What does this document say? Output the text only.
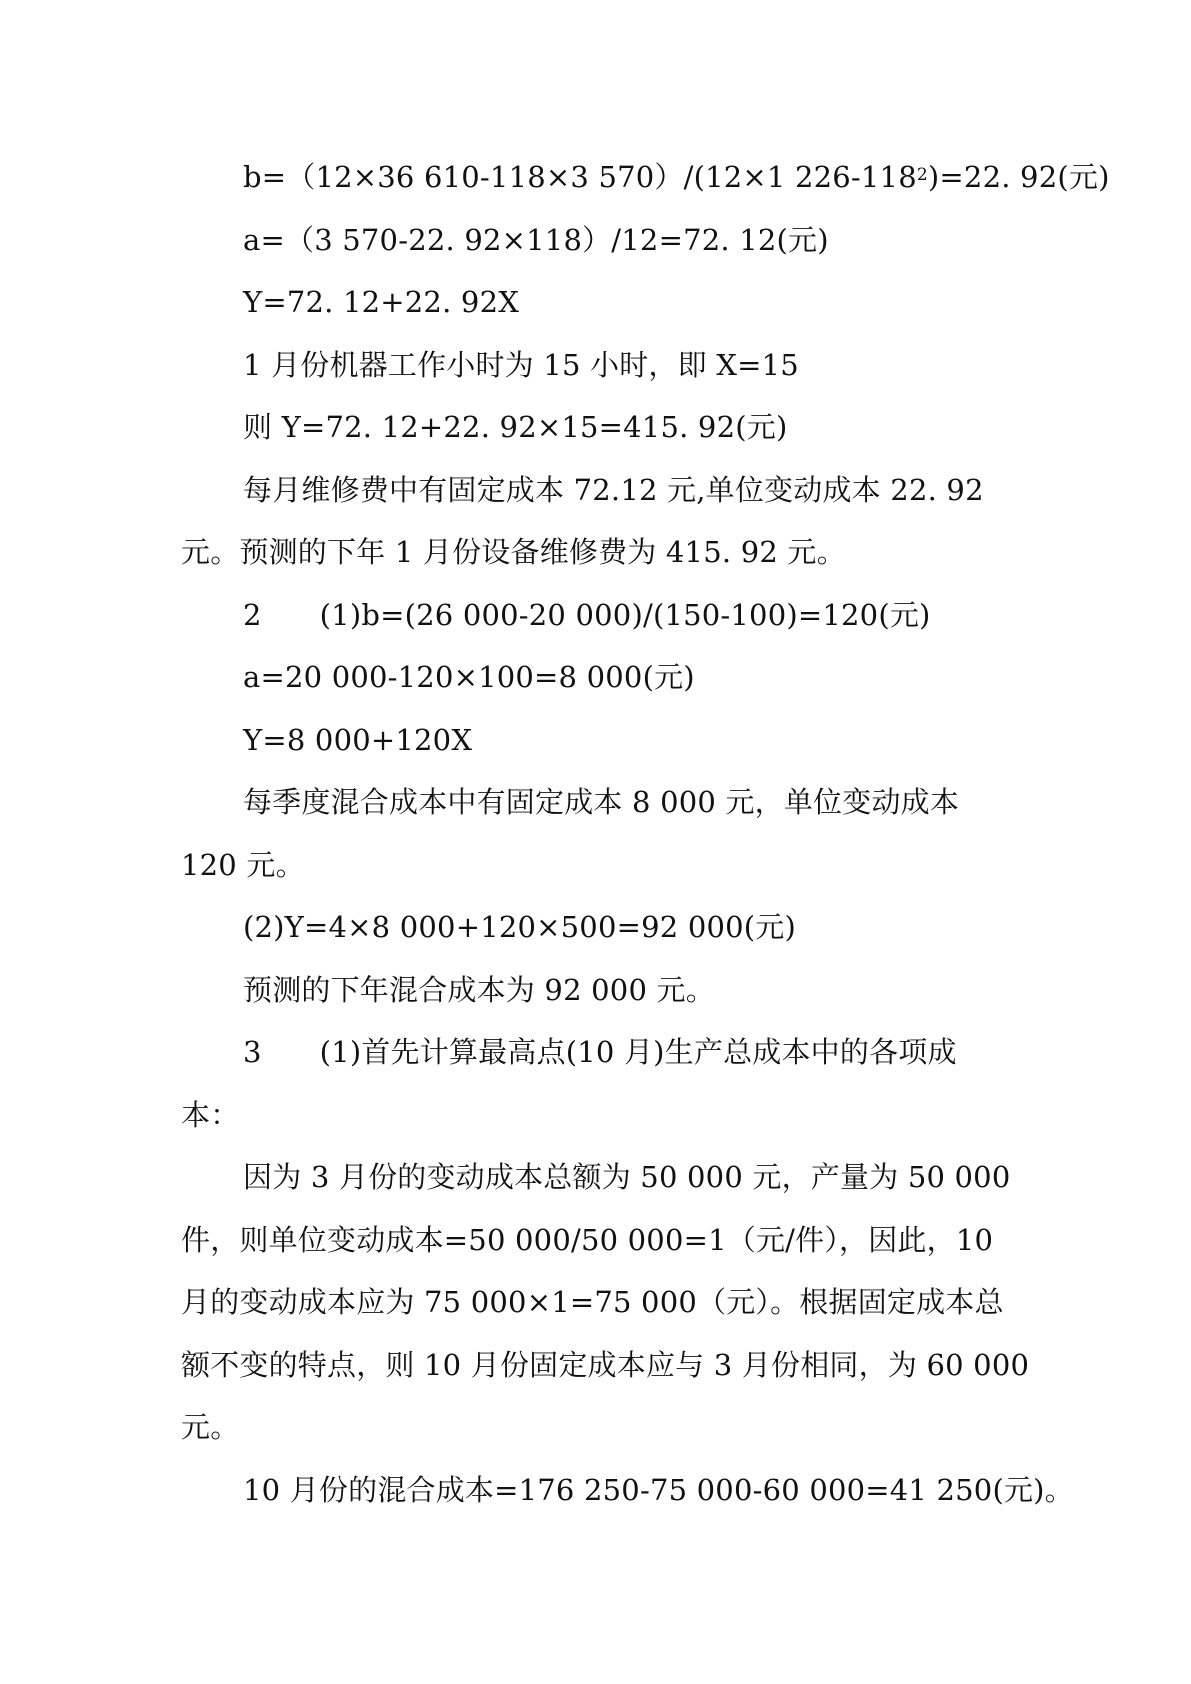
b=（12×36 610-118×3 570）/(12×1 $226-118^2)=22$. 92(元)
a=（3 570-22. 92×118）/12=72. 12(元)
Y=72. 12+22. 92X
1 月份机器工作小时为 15 小时，即 X=15
则 Y=72. 12+22. 92×15=415. 92(元)
每月维修费中有固定成本 72.12 元,单位变动成本 22. 92
元。预测的下年 1 月份设备维修费为 415. 92 元。
2 (1)b=(26 000-20 000)/(150-100)=120(元)
a=20 000-120×100=8 000(元)
Y=8 000+120X
每季度混合成本中有固定成本 8 000 元，单位变动成本
120 元。
(2)Y=4×8 000+120×500=92 000(元)
预测的下年混合成本为 92 000 元。
3 (1)首先计算最高点(10 月)生产总成本中的各项成
本：
因为 3 月份的变动成本总额为 50 000 元，产量为 50 000
件，则单位变动成本=50 000/50 000=1（元/件），因此，10
月的变动成本应为 75 000×1=75 000（元）。根据固定成本总
额不变的特点，则 10 月份固定成本应与 3 月份相同，为 60 000
元。
10 月份的混合成本=176 250-75 000-60 000=41 250(元)。
